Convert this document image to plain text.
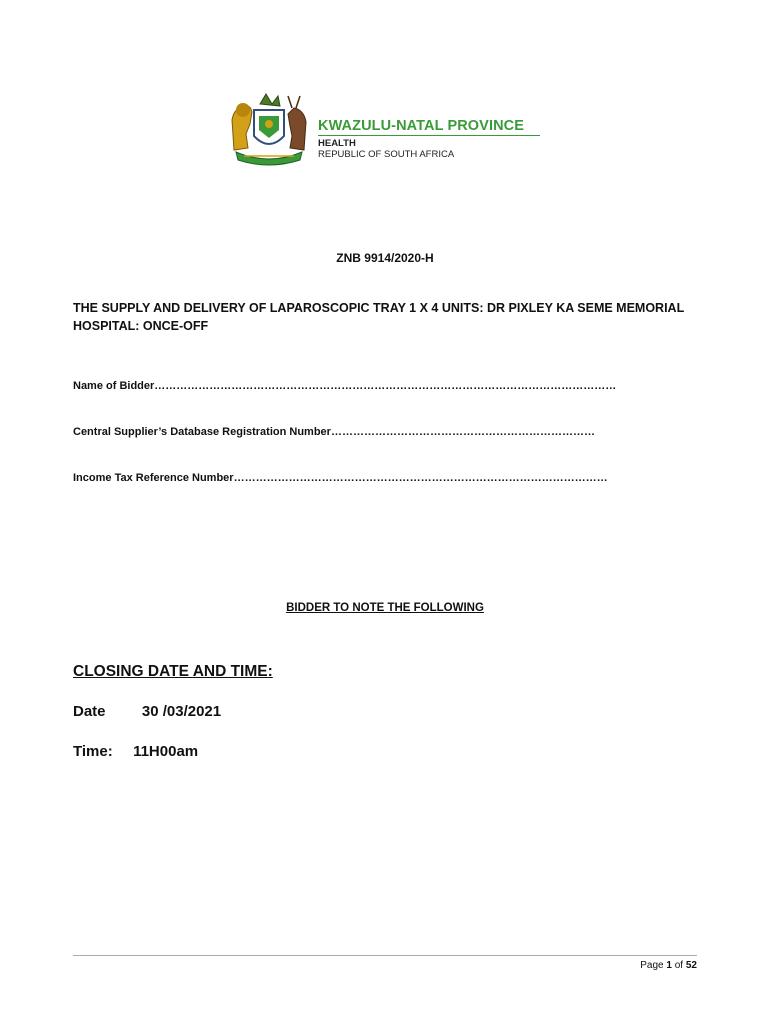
KWAZULU-NATAL PROVINCE
HEALTH
REPUBLIC OF SOUTH AFRICA
ZNB 9914/2020-H
THE SUPPLY AND DELIVERY OF LAPAROSCOPIC TRAY 1 X 4 UNITS: DR PIXLEY KA SEME MEMORIAL HOSPITAL: ONCE-OFF
Name of Bidder………………………………………………………………………………………………………………
Central Supplier’s Database Registration Number………………………………………………………………
Income Tax Reference Number…………………………………………………………………………………………
BIDDER TO NOTE THE FOLLOWING
CLOSING DATE AND TIME:
Date 30 /03/2021
Time: 11H00am
Page 1 of 52
